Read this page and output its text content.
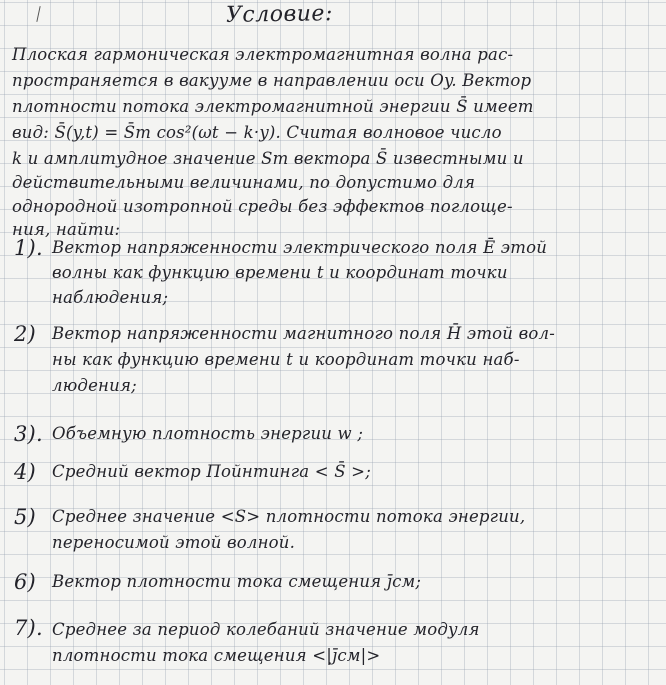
Условие:
Плоская гармоническая электромагнитная волна рас-
пространяется в вакууме в направлении оси Oy. Вектор
плотности потока электромагнитной энергии S̄ имеет
вид: S̄(y,t) = S̄m cos²(ωt − k·y). Считая волновое число
k и амплитудное значение Sm вектора S̄ известными и
действительными величинами, по допустимо для
однородной изотропной среды без эффектов поглоще-
ния, найти:
1). Вектор напряженности электрического поля Ē этой
волны как функцию времени t и координат точки
наблюдения;
2) Вектор напряженности магнитного поля H̄ этой вол-
ны как функцию времени t и координат точки наб-
людения;
3). Объемную плотность энергии w ;
4) Средний вектор Пойнтинга < S̄ >;
5) Среднее значение <S> плотности потока энергии,
переносимой этой волной.
6) Вектор плотности тока смещения j̄см;
7). Среднее за период колебаний значение модуля
плотности тока смещения <|j̄см|>
